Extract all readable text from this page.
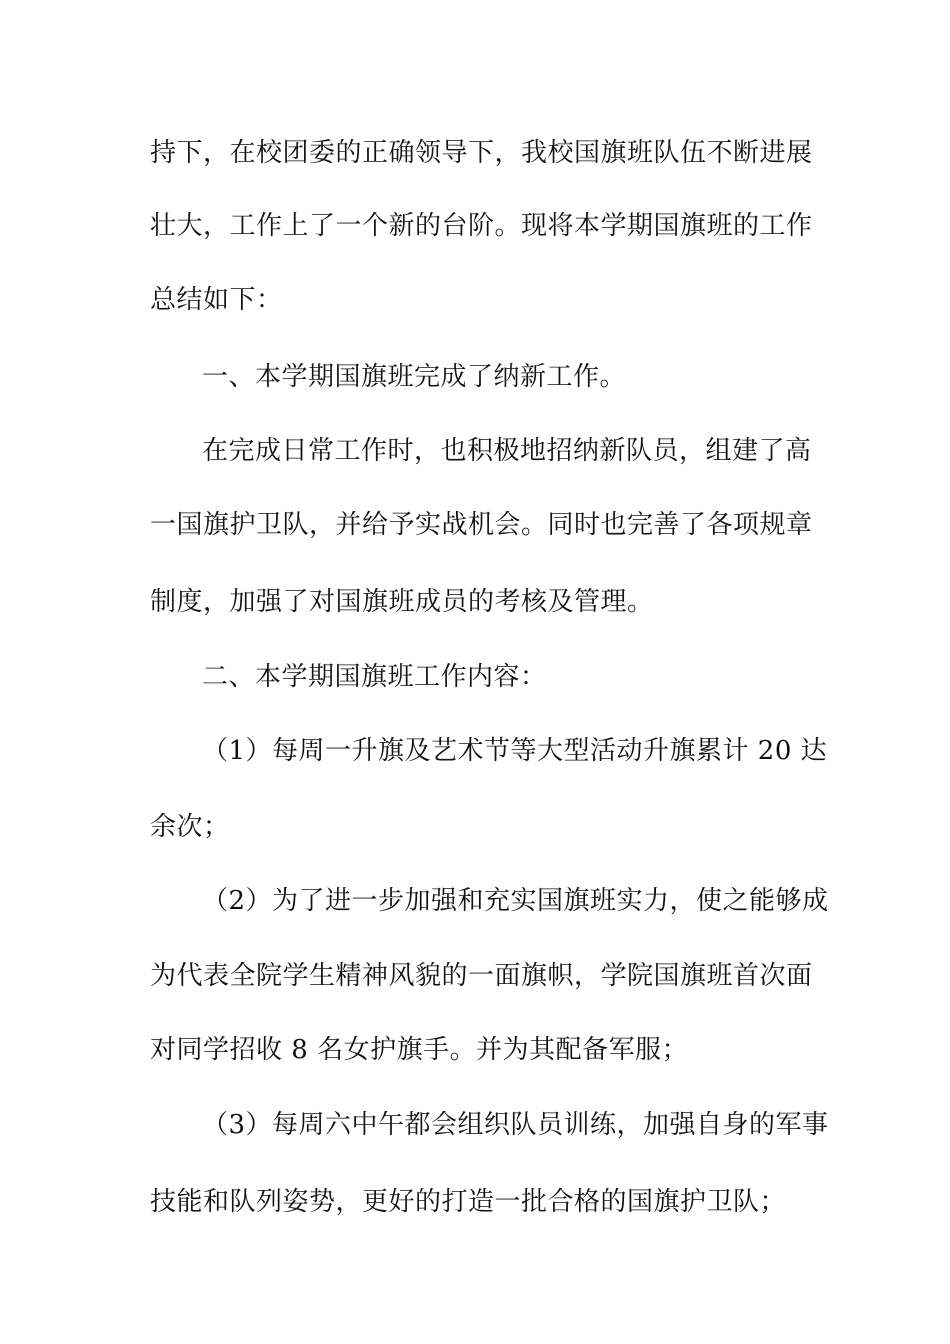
持下，在校团委的正确领导下，我校国旗班队伍不断进展
壮大，工作上了一个新的台阶。现将本学期国旗班的工作
总结如下：
一、本学期国旗班完成了纳新工作。
在完成日常工作时，也积极地招纳新队员，组建了高
一国旗护卫队，并给予实战机会。同时也完善了各项规章
制度，加强了对国旗班成员的考核及管理。
二、本学期国旗班工作内容：
（1）每周一升旗及艺术节等大型活动升旗累计 20 达
余次；
（2）为了进一步加强和充实国旗班实力，使之能够成
为代表全院学生精神风貌的一面旗帜，学院国旗班首次面
对同学招收 8 名女护旗手。并为其配备军服；
（3）每周六中午都会组织队员训练，加强自身的军事
技能和队列姿势，更好的打造一批合格的国旗护卫队；
